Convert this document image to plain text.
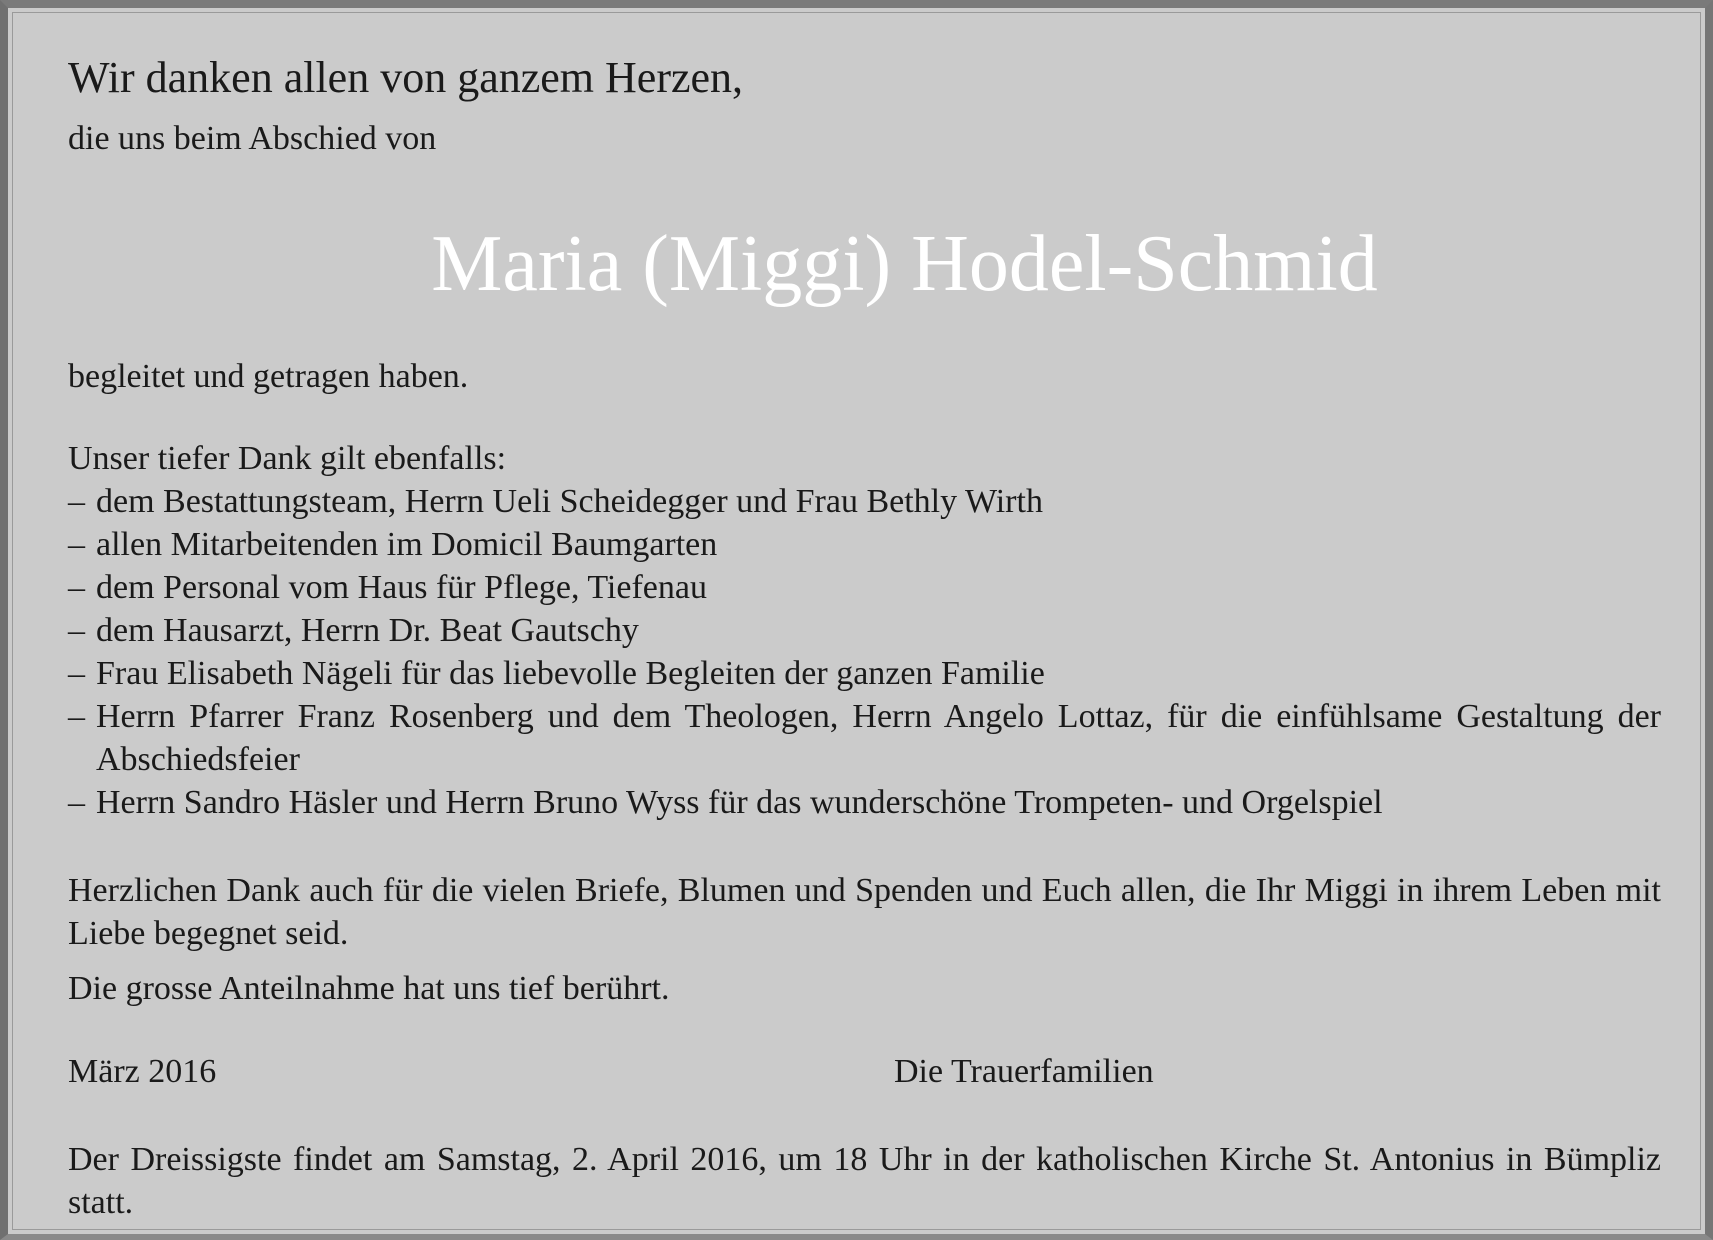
Wir danken allen von ganzem Herzen,

die uns beim Abschied von

Maria (Miggi) Hodel-Schmid

begleitet und getragen haben.

Unser tiefer Dank gilt ebenfalls:

– dem Bestattungsteam, Herrn Ueli Scheidegger und Frau Bethly Wirth
– allen Mitarbeitenden im Domicil Baumgarten
– dem Personal vom Haus für Pflege, Tiefenau
– dem Hausarzt, Herrn Dr. Beat Gautschy
– Frau Elisabeth Nägeli für das liebevolle Begleiten der ganzen Familie
– Herrn Pfarrer Franz Rosenberg und dem Theologen, Herrn Angelo Lottaz, für die einfühlsame Gestaltung der Abschiedsfeier
– Herrn Sandro Häsler und Herrn Bruno Wyss für das wunderschöne Trompeten- und Orgelspiel

Herzlichen Dank auch für die vielen Briefe, Blumen und Spenden und Euch allen, die Ihr Miggi in ihrem Leben mit Liebe begegnet seid.

Die grosse Anteilnahme hat uns tief berührt.

März 2016	Die Trauerfamilien

Der Dreissigste findet am Samstag, 2. April 2016, um 18 Uhr in der katholischen Kirche St. Antonius in Bümpliz statt.
